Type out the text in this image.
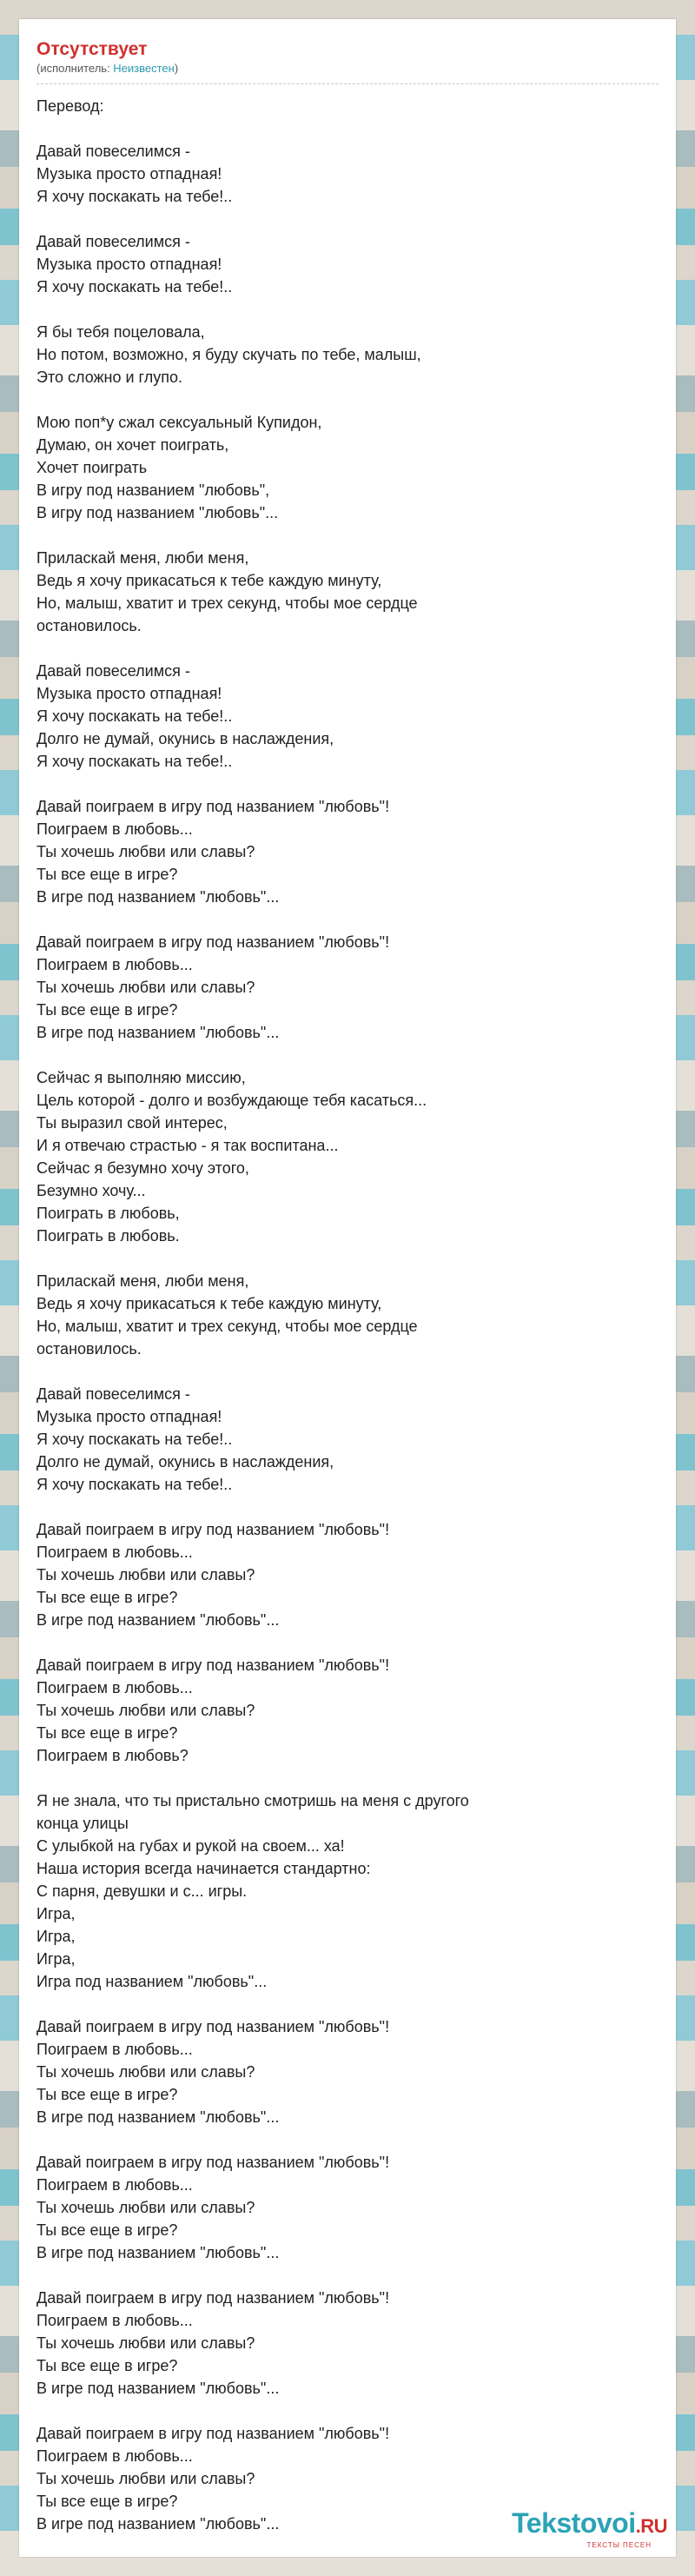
Отсутствует
(исполнитель: Неизвестен)
Перевод:
Давай повеселимся -
Музыка просто отпадная!
Я хочу поскакать на тебе!..
Давай повеселимся -
Музыка просто отпадная!
Я хочу поскакать на тебе!..
Я бы тебя поцеловала,
Но потом, возможно, я буду скучать по тебе, малыш,
Это сложно и глупо.
Мою поп*у сжал сексуальный Купидон,
Думаю, он хочет поиграть,
Хочет поиграть
В игру под названием "любовь",
В игру под названием "любовь"...
Приласкай меня, люби меня,
Ведь я хочу прикасаться к тебе каждую минуту,
Но, малыш, хватит и трех секунд, чтобы мое сердце
остановилось.
Давай повеселимся -
Музыка просто отпадная!
Я хочу поскакать на тебе!..
Долго не думай, окунись в наслаждения,
Я хочу поскакать на тебе!..
Давай поиграем в игру под названием "любовь"!
Поиграем в любовь...
Ты хочешь любви или славы?
Ты все еще в игре?
В игре под названием "любовь"...
Давай поиграем в игру под названием "любовь"!
Поиграем в любовь...
Ты хочешь любви или славы?
Ты все еще в игре?
В игре под названием "любовь"...
Сейчас я выполняю миссию,
Цель которой - долго и возбуждающе тебя касаться...
Ты выразил свой интерес,
И я отвечаю страстью - я так воспитана...
Сейчас я безумно хочу этого,
Безумно хочу...
Поиграть в любовь,
Поиграть в любовь.
Приласкай меня, люби меня,
Ведь я хочу прикасаться к тебе каждую минуту,
Но, малыш, хватит и трех секунд, чтобы мое сердце
остановилось.
Давай повеселимся -
Музыка просто отпадная!
Я хочу поскакать на тебе!..
Долго не думай, окунись в наслаждения,
Я хочу поскакать на тебе!..
Давай поиграем в игру под названием "любовь"!
Поиграем в любовь...
Ты хочешь любви или славы?
Ты все еще в игре?
В игре под названием "любовь"...
Давай поиграем в игру под названием "любовь"!
Поиграем в любовь...
Ты хочешь любви или славы?
Ты все еще в игре?
Поиграем в любовь?
Я не знала, что ты пристально смотришь на меня с другого
конца улицы
С улыбкой на губах и рукой на своем... ха!
Наша история всегда начинается стандартно:
С парня, девушки и с... игры.
Игра,
Игра,
Игра,
Игра под названием "любовь"...
Давай поиграем в игру под названием "любовь"!
Поиграем в любовь...
Ты хочешь любви или славы?
Ты все еще в игре?
В игре под названием "любовь"...
Давай поиграем в игру под названием "любовь"!
Поиграем в любовь...
Ты хочешь любви или славы?
Ты все еще в игре?
В игре под названием "любовь"...
Давай поиграем в игру под названием "любовь"!
Поиграем в любовь...
Ты хочешь любви или славы?
Ты все еще в игре?
В игре под названием "любовь"...
Давай поиграем в игру под названием "любовь"!
Поиграем в любовь...
Ты хочешь любви или славы?
Ты все еще в игре?
В игре под названием "любовь"...	Tekstovoi.RU
ТЕКСТЫ ПЕСЕН
